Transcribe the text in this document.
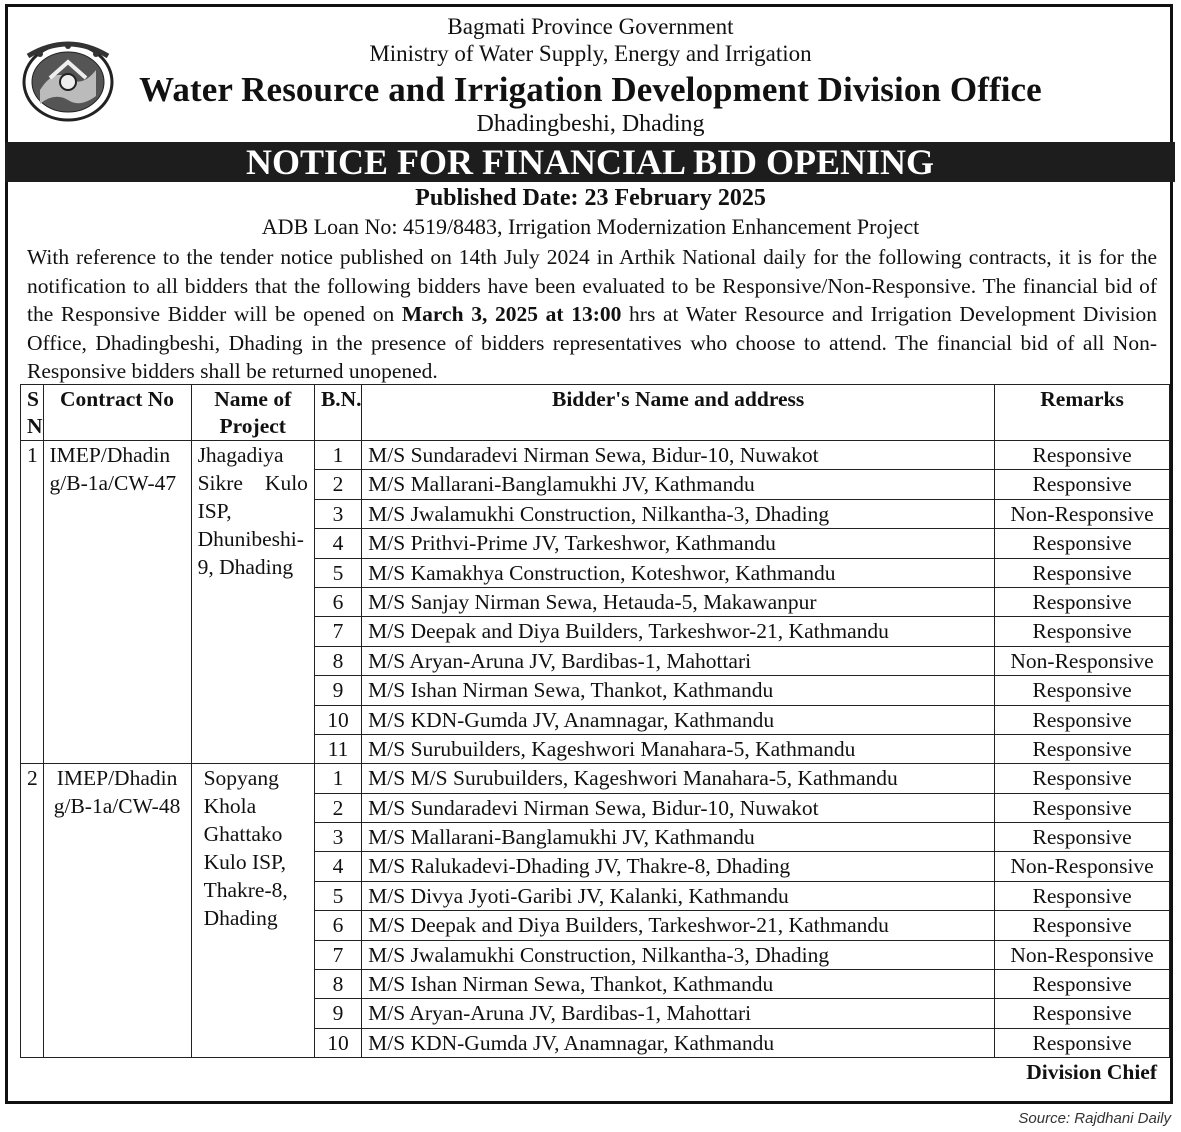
Bagmati Province Government
Ministry of Water Supply, Energy and Irrigation
Water Resource and Irrigation Development Division Office
Dhadingbeshi, Dhading
NOTICE FOR FINANCIAL BID OPENING
Published Date: 23 February 2025
ADB Loan No: 4519/8483, Irrigation Modernization Enhancement Project
With reference to the tender notice published on 14th July 2024 in Arthik National daily for the following contracts, it is for the notification to all bidders that the following bidders have been evaluated to be Responsive/Non-Responsive. The financial bid of the Responsive Bidder will be opened on March 3, 2025 at 13:00 hrs at Water Resource and Irrigation Development Division Office, Dhadingbeshi, Dhading in the presence of bidders representatives who choose to attend. The financial bid of all Non-Responsive bidders shall be returned unopened.
S N	Contract No	Name of Project	B.N.	Bidder's Name and address	Remarks
1	IMEP/Dhading/B-1a/CW-47	Jhagadiya Sikre Kulo ISP, Dhunibeshi-9, Dhading	1	M/S Sundaradevi Nirman Sewa, Bidur-10, Nuwakot	Responsive
			2	M/S Mallarani-Banglamukhi JV, Kathmandu	Responsive
			3	M/S Jwalamukhi Construction, Nilkantha-3, Dhading	Non-Responsive
			4	M/S Prithvi-Prime JV, Tarkeshwor, Kathmandu	Responsive
			5	M/S Kamakhya Construction, Koteshwor, Kathmandu	Responsive
			6	M/S Sanjay Nirman Sewa, Hetauda-5, Makawanpur	Responsive
			7	M/S Deepak and Diya Builders, Tarkeshwor-21, Kathmandu	Responsive
			8	M/S Aryan-Aruna JV, Bardibas-1, Mahottari	Non-Responsive
			9	M/S Ishan Nirman Sewa, Thankot, Kathmandu	Responsive
			10	M/S KDN-Gumda JV, Anamnagar, Kathmandu	Responsive
			11	M/S Surubuilders, Kageshwori Manahara-5, Kathmandu	Responsive
2	IMEP/Dhading/B-1a/CW-48	Sopyang Khola Ghattako Kulo ISP, Thakre-8, Dhading	1	M/S M/S Surubuilders, Kageshwori Manahara-5, Kathmandu	Responsive
			2	M/S Sundaradevi Nirman Sewa, Bidur-10, Nuwakot	Responsive
			3	M/S Mallarani-Banglamukhi JV, Kathmandu	Responsive
			4	M/S Ralukadevi-Dhading JV, Thakre-8, Dhading	Non-Responsive
			5	M/S Divya Jyoti-Garibi JV, Kalanki, Kathmandu	Responsive
			6	M/S Deepak and Diya Builders, Tarkeshwor-21, Kathmandu	Responsive
			7	M/S Jwalamukhi Construction, Nilkantha-3, Dhading	Non-Responsive
			8	M/S Ishan Nirman Sewa, Thankot, Kathmandu	Responsive
			9	M/S Aryan-Aruna JV, Bardibas-1, Mahottari	Responsive
			10	M/S KDN-Gumda JV, Anamnagar, Kathmandu	Responsive
Division Chief
Source: Rajdhani Daily
